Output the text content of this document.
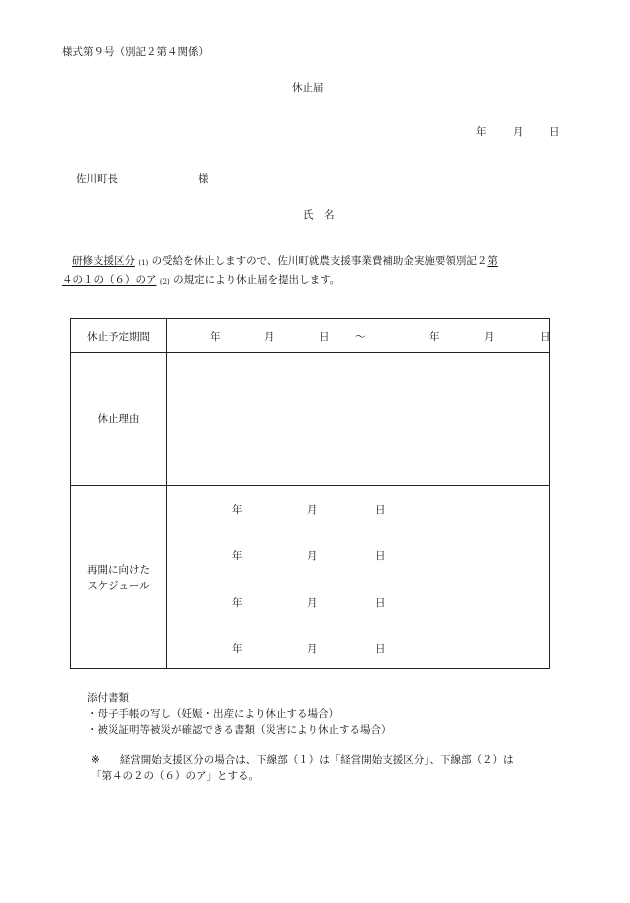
様式第９号（別記２第４関係）
休止届
年	月 日
佐川町長	様
氏　名
研修支援区分 (1) の受給を休止しますので、佐川町就農支援事業費補助金実施要領別記２第
４の１の（６）のア (2) の規定により休止届を提出します。
休止予定期間	年	月	日 ～	年	月	日
休止理由
再開に向けた
スケジュール
年	月	日
年	月	日
年	月	日
年	月	日
添付書類
・母子手帳の写し（妊娠・出産により休止する場合）
・被災証明等被災が確認できる書類（災害により休止する場合）
※ 経営開始支援区分の場合は、下線部（１）は「経営開始支援区分」、下線部（２）は
「第４の２の（６）のア」とする。
